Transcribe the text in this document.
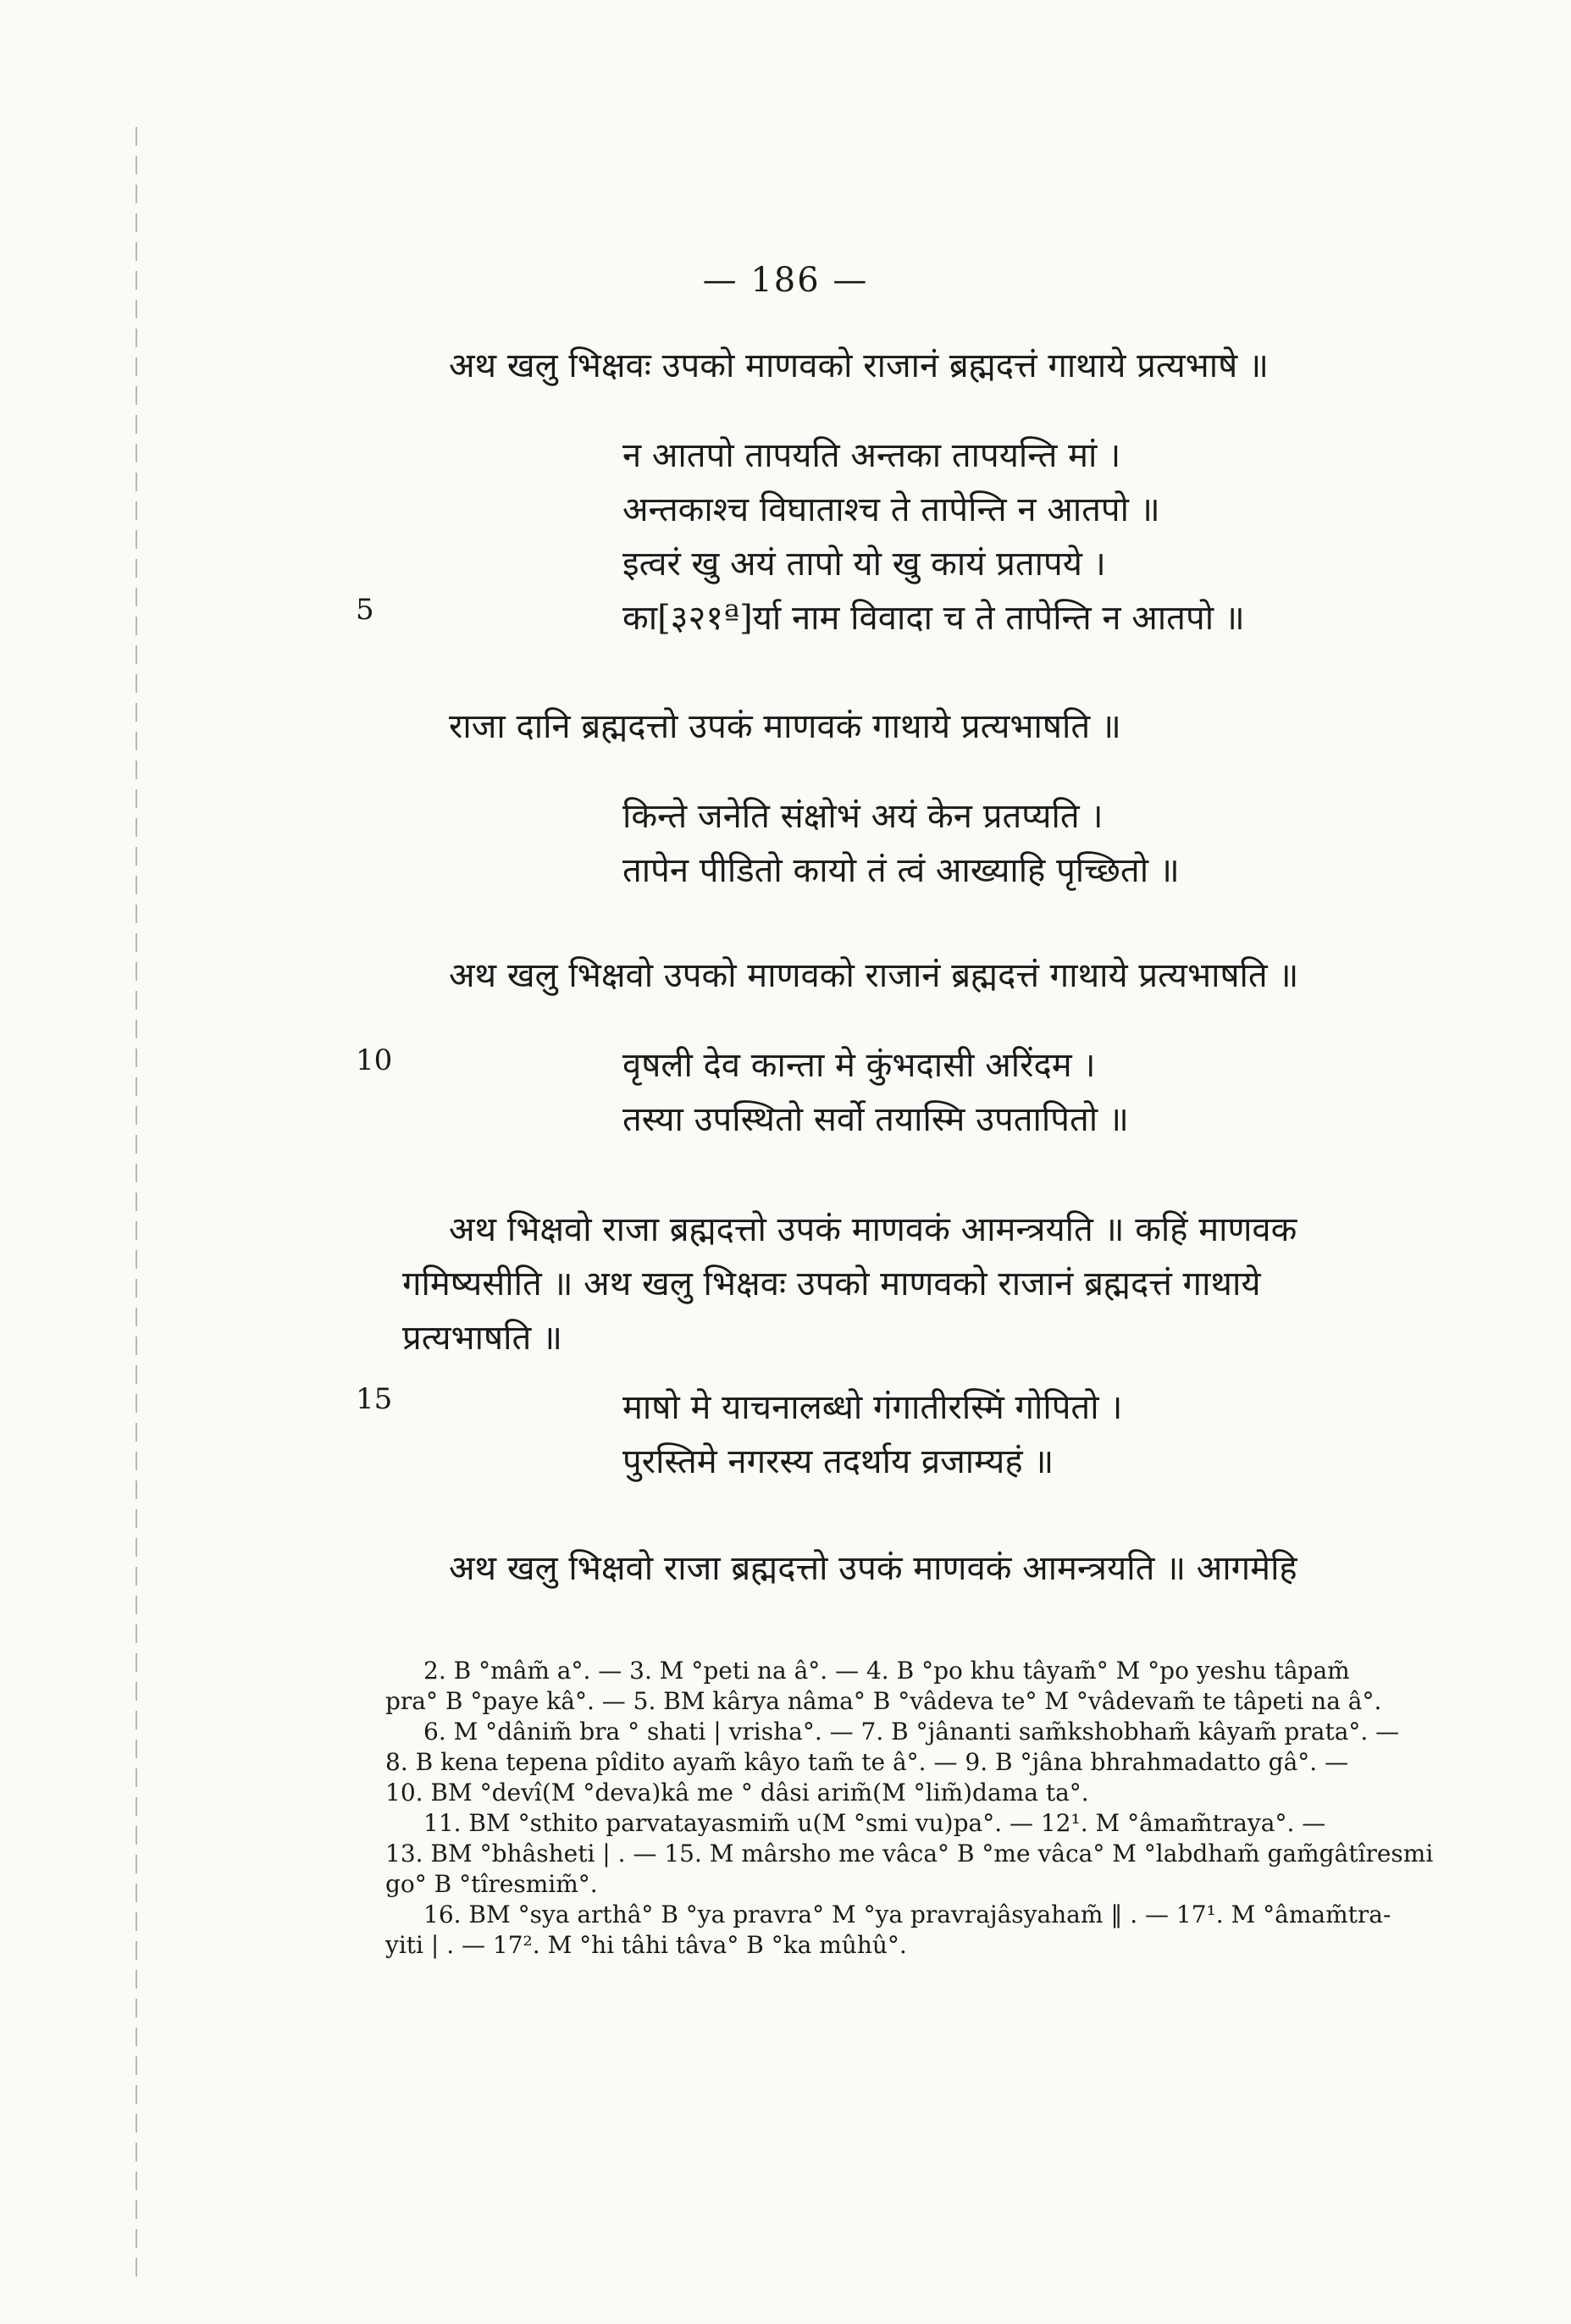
— 186 —
अथ खलु भिक्षवः उपको माणवको राजानं ब्रह्मदत्तं गाथाये प्रत्यभाषे ॥
न आतपो तापयति अन्तका तापयन्ति मां ।
अन्तकाश्च विघाताश्च ते तापेन्ति न आतपो ॥
इत्वरं खु अयं तापो यो खु कायं प्रतापये ।
का[३२१ª]र्या नाम विवादा च ते तापेन्ति न आतपो ॥
5
राजा दानि ब्रह्मदत्तो उपकं माणवकं गाथाये प्रत्यभाषति ॥
किन्ते जनेति संक्षोभं अयं केन प्रतप्यति ।
तापेन पीडितो कायो तं त्वं आख्याहि पृच्छितो ॥
अथ खलु भिक्षवो उपको माणवको राजानं ब्रह्मदत्तं गाथाये प्रत्यभाषति ॥
वृषली देव कान्ता मे कुंभदासी अरिंदम ।
तस्या उपस्थितो सर्वो तयास्मि उपतापितो ॥
10
अथ भिक्षवो राजा ब्रह्मदत्तो उपकं माणवकं आमन्त्रयति ॥ कहिं माणवक
गमिष्यसीति ॥ अथ खलु भिक्षवः उपको माणवको राजानं ब्रह्मदत्तं गाथाये
प्रत्यभाषति ॥
माषो मे याचनालब्धो गंगातीरस्मिं गोपितो ।
पुरस्तिमे नगरस्य तदर्थाय व्रजाम्यहं ॥
15
अथ खलु भिक्षवो राजा ब्रह्मदत्तो उपकं माणवकं आमन्त्रयति ॥ आगमेहि
2. B °mâm̃ a°. — 3. M °peti na â°. — 4. B °po khu tâyam̃° M °po yeshu tâpam̃
pra° B °paye kâ°. — 5. BM kârya nâma° B °vâdeva te° M °vâdevam̃ te tâpeti na â°.
6. M °dânim̃ bra ° shati | vrisha°. — 7. B °jânanti sam̃kshobham̃ kâyam̃ prata°. —
8. B kena tepena pîdito ayam̃ kâyo tam̃ te â°. — 9. B °jâna bhrahmadatto gâ°. —
10. BM °devî(M °deva)kâ me ° dâsi arim̃(M °lim̃)dama ta°.
11. BM °sthito parvatayasmim̃ u(M °smi vu)pa°. — 12¹. M °âmam̃traya°. —
13. BM °bhâsheti | . — 15. M mârsho me vâca° B °me vâca° M °labdham̃ gam̃gâtîresmi
go° B °tîresmim̃°.
16. BM °sya arthâ° B °ya pravra° M °ya pravrajâsyaham̃ ‖ . — 17¹. M °âmam̃tra-
yiti | . — 17². M °hi tâhi tâva° B °ka mûhû°.
